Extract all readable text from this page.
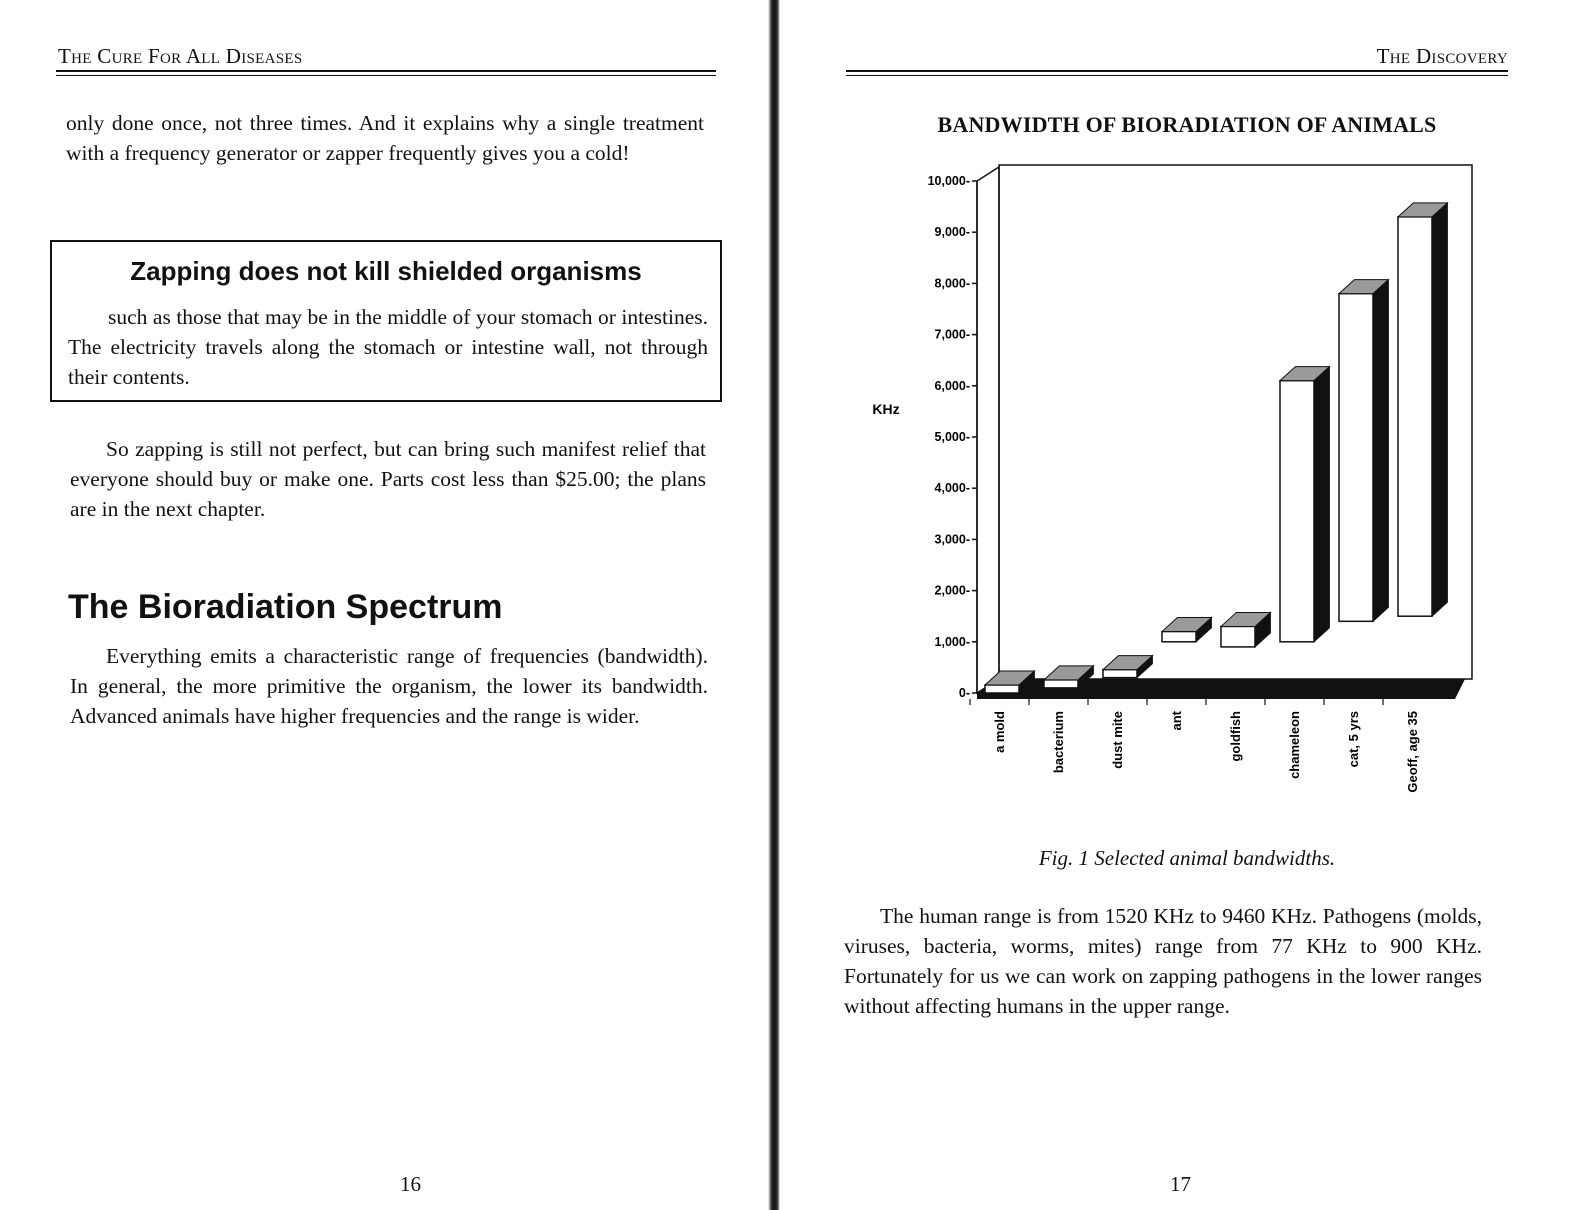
The Cure For All Diseases

only done once, not three times. And it explains why a single treatment with a frequency generator or zapper frequently gives you a cold!

Zapping does not kill shielded organisms

such as those that may be in the middle of your stomach or intestines. The electricity travels along the stomach or intestine wall, not through their contents.

So zapping is still not perfect, but can bring such manifest relief that everyone should buy or make one. Parts cost less than $25.00; the plans are in the next chapter.

The Bioradiation Spectrum

Everything emits a characteristic range of frequencies (bandwidth). In general, the more primitive the organism, the lower its bandwidth. Advanced animals have higher frequencies and the range is wider.

16
The Discovery
BANDWIDTH OF BIORADIATION OF ANIMALS
0-
1,000-
2,000-
3,000-
4,000-
5,000-
6,000-
7,000-
8,000-
9,000-
10,000-
KHz
a mold	bacterium	dust mite	ant	goldfish	chameleon	cat, 5 yrs	Geoff, age 35
Fig. 1 Selected animal bandwidths.

The human range is from 1520 KHz to 9460 KHz. Pathogens (molds, viruses, bacteria, worms, mites) range from 77 KHz to 900 KHz. Fortunately for us we can work on zapping pathogens in the lower ranges without affecting humans in the upper range.

17
